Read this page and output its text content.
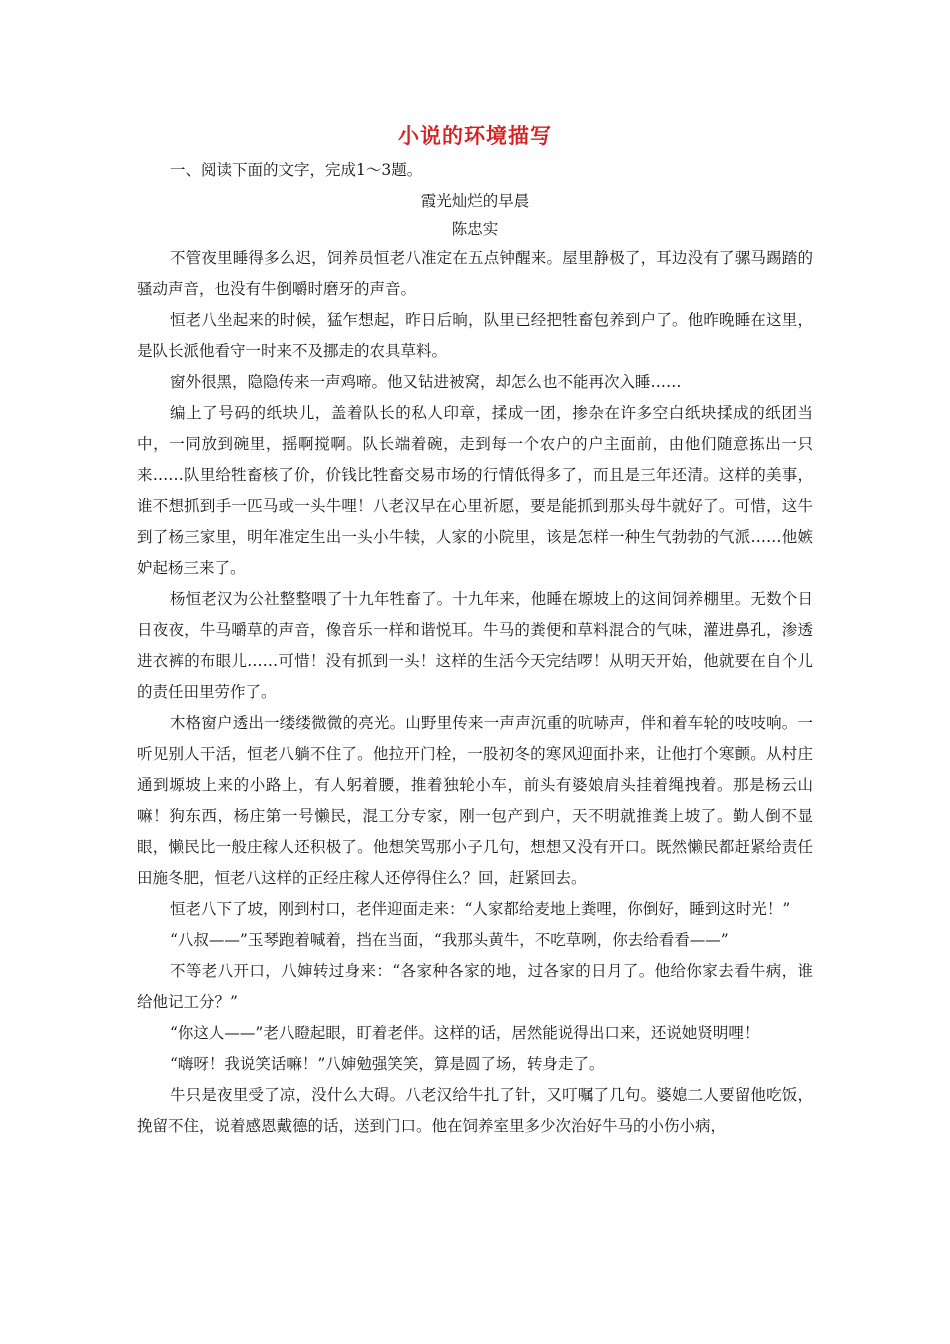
小说的环境描写

一、阅读下面的文字，完成1～3题。

霞光灿烂的早晨

陈忠实

不管夜里睡得多么迟，饲养员恒老八准定在五点钟醒来。屋里静极了，耳边没有了骡马踢踏的骚动声音，也没有牛倒嚼时磨牙的声音。

恒老八坐起来的时候，猛乍想起，昨日后晌，队里已经把牲畜包养到户了。他昨晚睡在这里，是队长派他看守一时来不及挪走的农具草料。

窗外很黑，隐隐传来一声鸡啼。他又钻进被窝，却怎么也不能再次入睡……

编上了号码的纸块儿，盖着队长的私人印章，揉成一团，掺杂在许多空白纸块揉成的纸团当中，一同放到碗里，摇啊搅啊。队长端着碗，走到每一个农户的户主面前，由他们随意拣出一只来……队里给牲畜核了价，价钱比牲畜交易市场的行情低得多了，而且是三年还清。这样的美事，谁不想抓到手一匹马或一头牛哩！八老汉早在心里祈愿，要是能抓到那头母牛就好了。可惜，这牛到了杨三家里，明年准定生出一头小牛犊，人家的小院里，该是怎样一种生气勃勃的气派……他嫉妒起杨三来了。

杨恒老汉为公社整整喂了十九年牲畜了。十九年来，他睡在塬坡上的这间饲养棚里。无数个日日夜夜，牛马嚼草的声音，像音乐一样和谐悦耳。牛马的粪便和草料混合的气味，灌进鼻孔，渗透进衣裤的布眼儿……可惜！没有抓到一头！这样的生活今天完结啰！从明天开始，他就要在自个儿的责任田里劳作了。

木格窗户透出一缕缕微微的亮光。山野里传来一声声沉重的吭哧声，伴和着车轮的吱吱响。一听见别人干活，恒老八躺不住了。他拉开门栓，一股初冬的寒风迎面扑来，让他打个寒颤。从村庄通到塬坡上来的小路上，有人躬着腰，推着独轮小车，前头有婆娘肩头挂着绳拽着。那是杨云山嘛！狗东西，杨庄第一号懒民，混工分专家，刚一包产到户，天不明就推粪上坡了。勤人倒不显眼，懒民比一般庄稼人还积极了。他想笑骂那小子几句，想想又没有开口。既然懒民都赶紧给责任田施冬肥，恒老八这样的正经庄稼人还停得住么？回，赶紧回去。

恒老八下了坡，刚到村口，老伴迎面走来：“人家都给麦地上粪哩，你倒好，睡到这时光！”

“八叔——”玉琴跑着喊着，挡在当面，“我那头黄牛，不吃草咧，你去给看看——”

不等老八开口，八婶转过身来：“各家种各家的地，过各家的日月了。他给你家去看牛病，谁给他记工分？”

“你这人——”老八瞪起眼，盯着老伴。这样的话，居然能说得出口来，还说她贤明哩！

“嗨呀！我说笑话嘛！”八婶勉强笑笑，算是圆了场，转身走了。

牛只是夜里受了凉，没什么大碍。八老汉给牛扎了针，又叮嘱了几句。婆媳二人要留他吃饭，挽留不住，说着感恩戴德的话，送到门口。他在饲养室里多少次治好牛马的小伤小病，
